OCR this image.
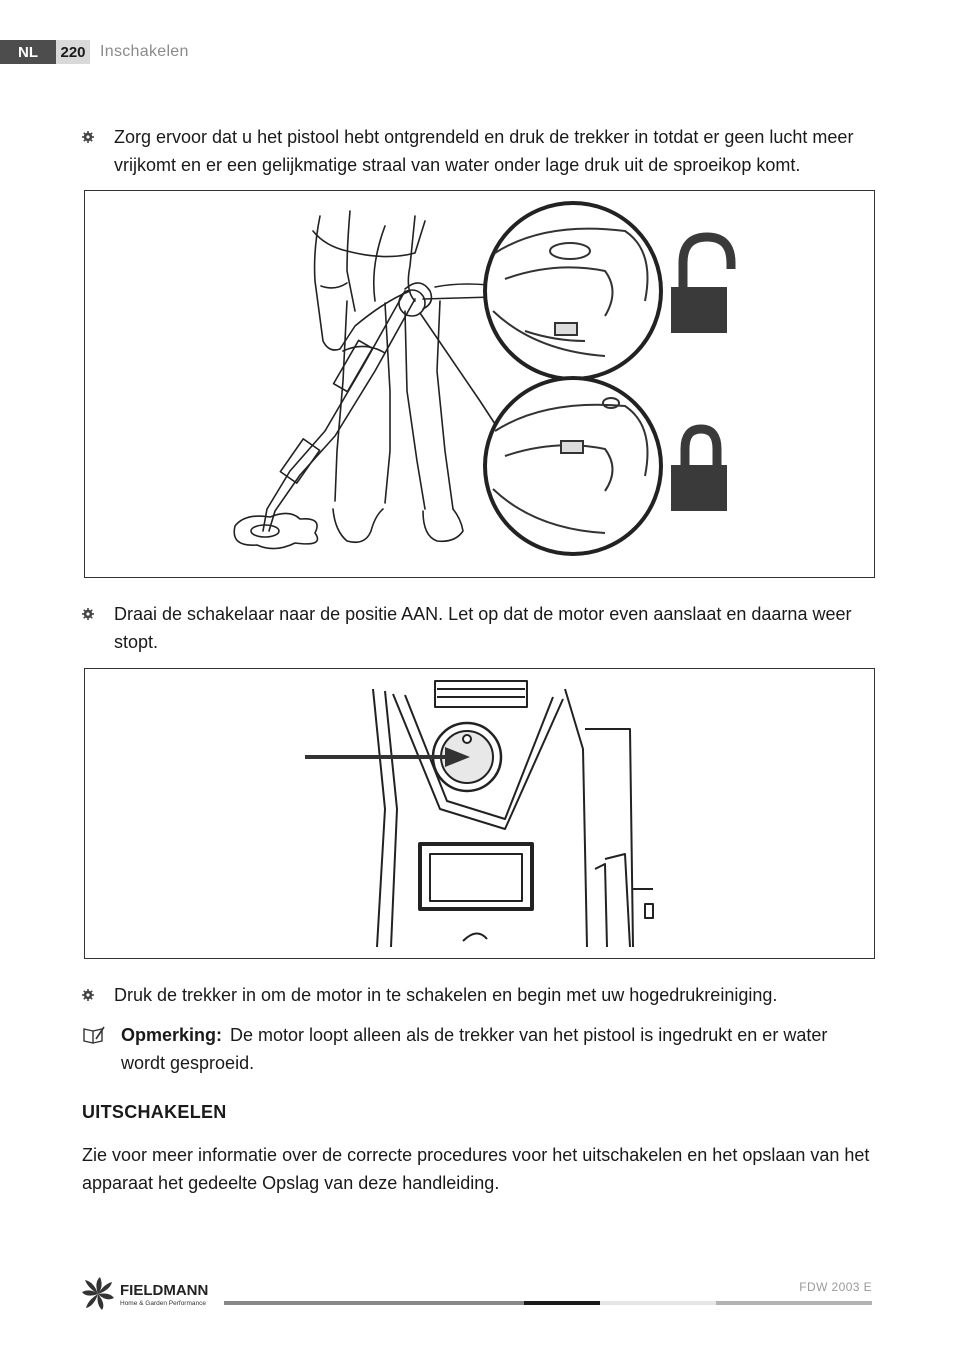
NL	220 Inschakelen
Zorg ervoor dat u het pistool hebt ontgrendeld en druk de trekker in totdat er geen lucht meer vrijkomt en er een gelijkmatige straal van water onder lage druk uit de sproeikop komt.
Draai de schakelaar naar de positie AAN. Let op dat de motor even aanslaat en daarna weer stopt.
Druk de trekker in om de motor in te schakelen en begin met uw hogedrukreiniging.
Opmerking: De motor loopt alleen als de trekker van het pistool is ingedrukt en er water wordt gesproeid.
UITSCHAKELEN
Zie voor meer informatie over de correcte procedures voor het uitschakelen en het opslaan van het apparaat het gedeelte Opslag van deze handleiding.
FIELDMANN
Home & Garden Performance
FDW 2003 E
